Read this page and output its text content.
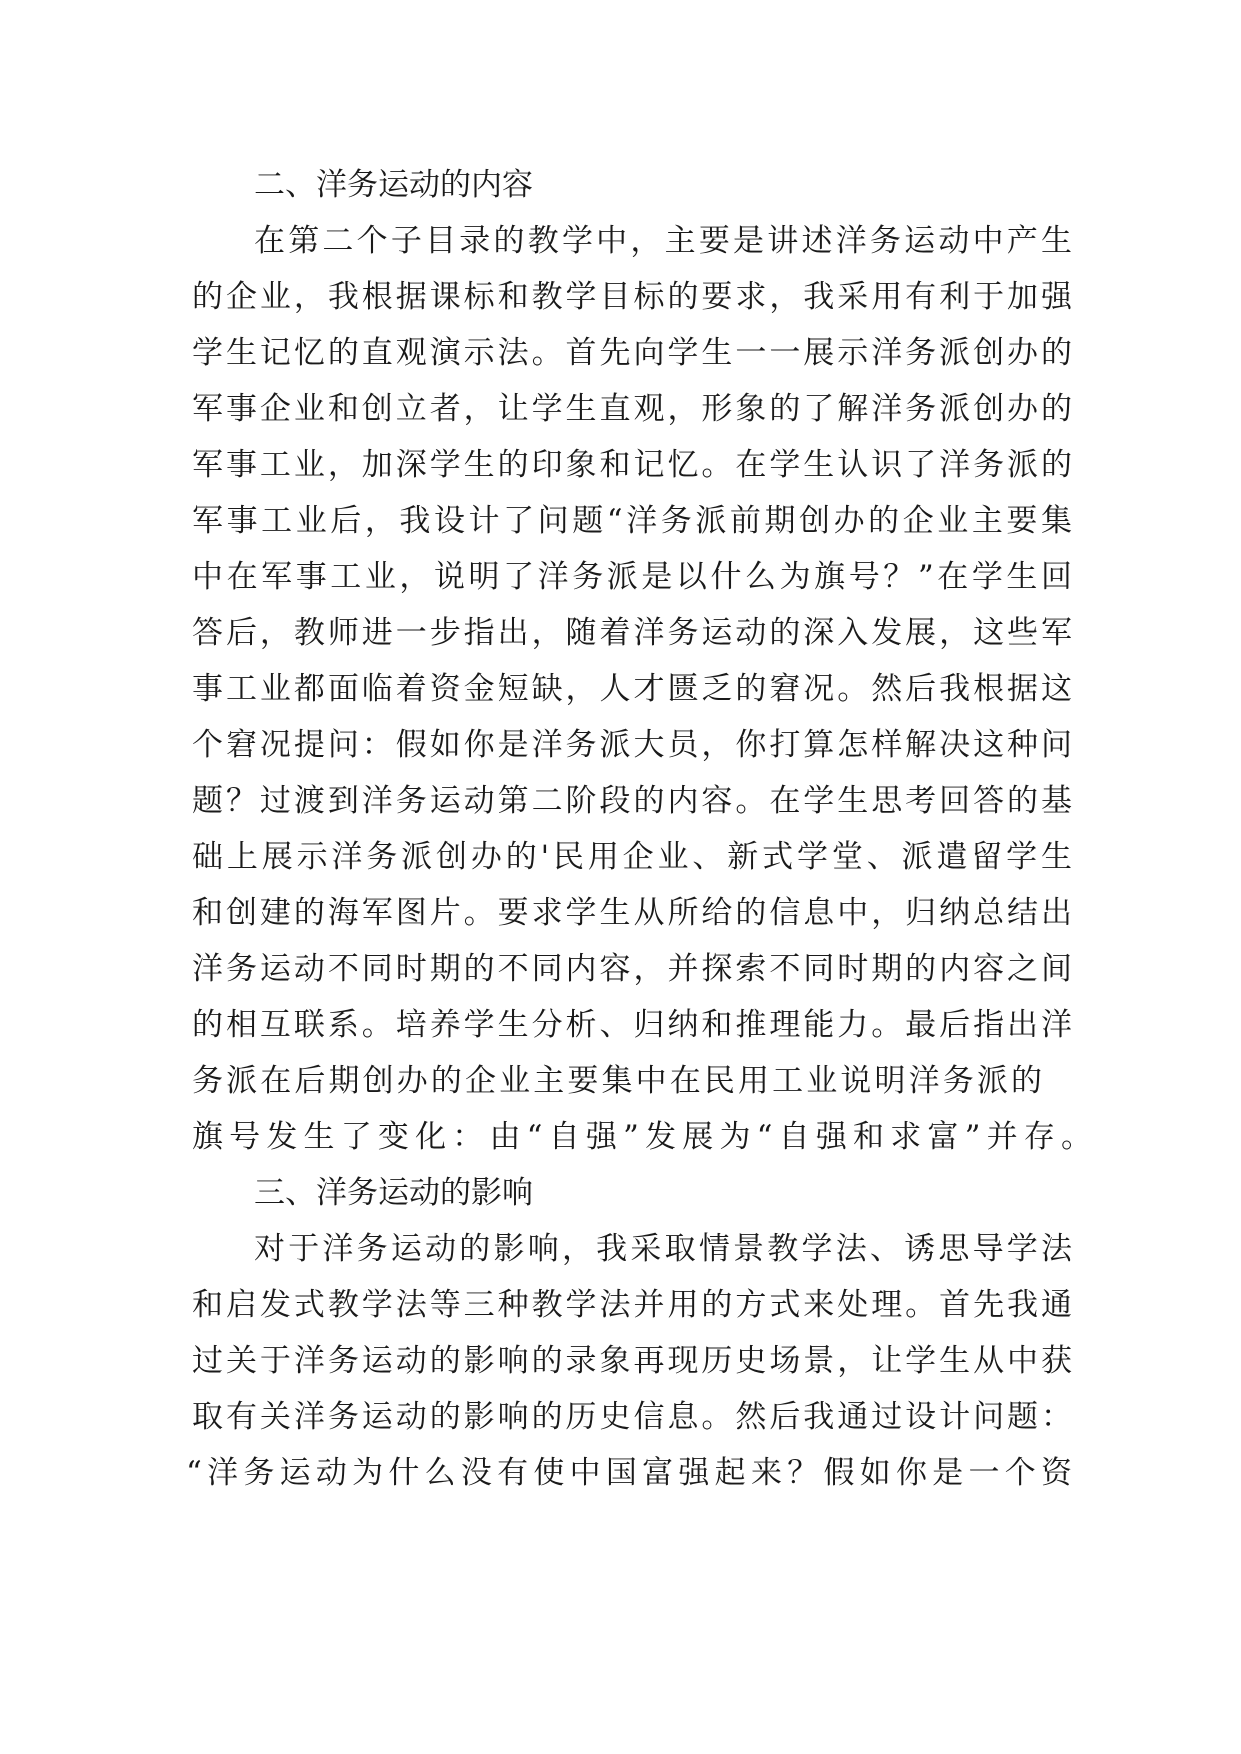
二、洋务运动的内容
在第二个子目录的教学中，主要是讲述洋务运动中产生
的企业，我根据课标和教学目标的要求，我采用有利于加强
学生记忆的直观演示法。首先向学生一一展示洋务派创办的
军事企业和创立者，让学生直观，形象的了解洋务派创办的
军事工业，加深学生的印象和记忆。在学生认识了洋务派的
军事工业后，我设计了问题“洋务派前期创办的企业主要集
中在军事工业，说明了洋务派是以什么为旗号？”在学生回
答后，教师进一步指出，随着洋务运动的深入发展，这些军
事工业都面临着资金短缺，人才匮乏的窘况。然后我根据这
个窘况提问：假如你是洋务派大员，你打算怎样解决这种问
题？过渡到洋务运动第二阶段的内容。在学生思考回答的基
础上展示洋务派创办的'民用企业、新式学堂、派遣留学生
和创建的海军图片。要求学生从所给的信息中，归纳总结出
洋务运动不同时期的不同内容，并探索不同时期的内容之间
的相互联系。培养学生分析、归纳和推理能力。最后指出洋
务派在后期创办的企业主要集中在民用工业说明洋务派的
旗号发生了变化：由“自强”发展为“自强和求富”并存。
三、洋务运动的影响
对于洋务运动的影响，我采取情景教学法、诱思导学法
和启发式教学法等三种教学法并用的方式来处理。首先我通
过关于洋务运动的影响的录象再现历史场景，让学生从中获
取有关洋务运动的影响的历史信息。然后我通过设计问题：
“洋务运动为什么没有使中国富强起来？假如你是一个资
